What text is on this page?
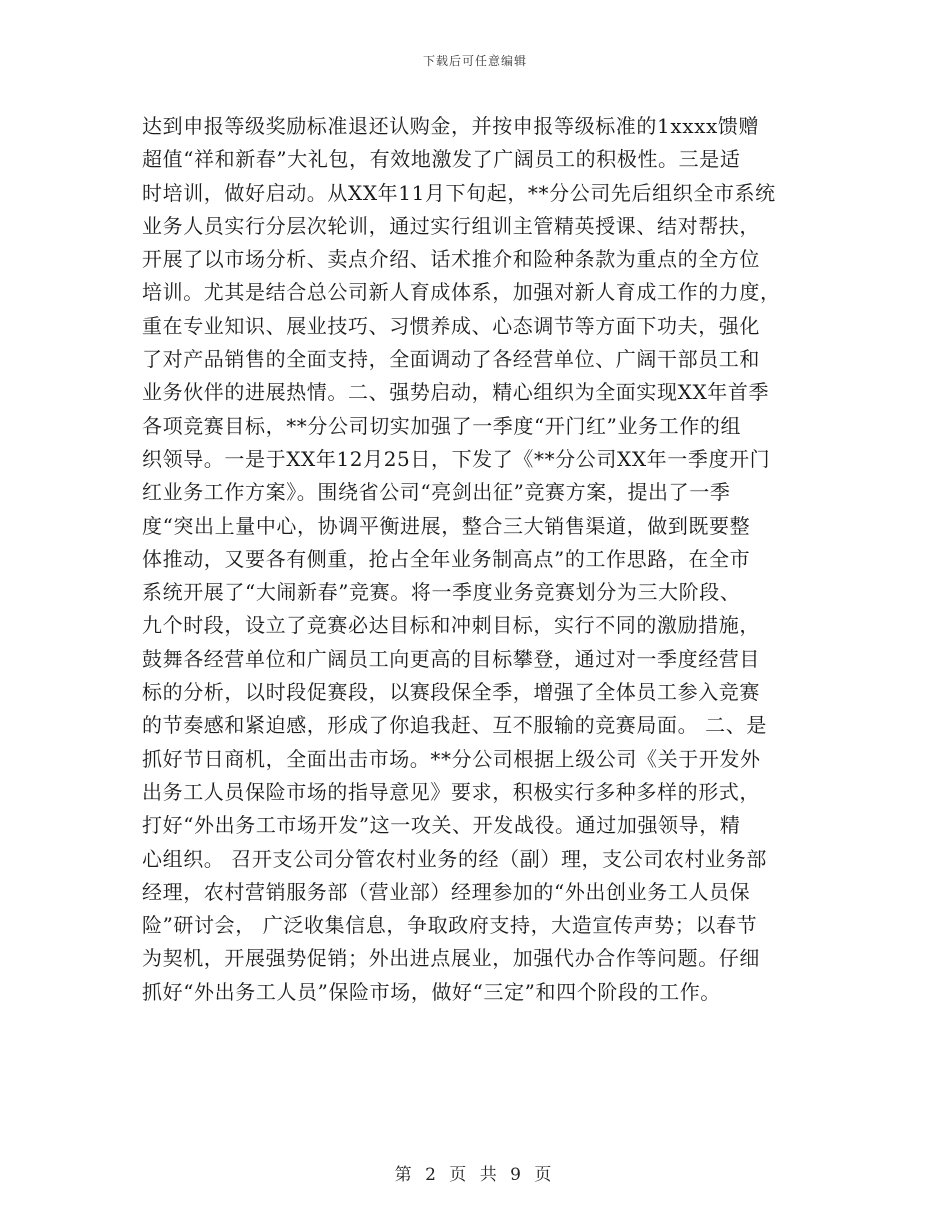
下载后可任意编辑
达到申报等级奖励标准退还认购金，并按申报等级标准的1xxxx馈赠
超值“祥和新春”大礼包，有效地激发了广阔员工的积极性。三是适
时培训，做好启动。从XX年11月下旬起，**分公司先后组织全市系统
业务人员实行分层次轮训，通过实行组训主管精英授课、结对帮扶，
开展了以市场分析、卖点介绍、话术推介和险种条款为重点的全方位
培训。尤其是结合总公司新人育成体系，加强对新人育成工作的力度，
重在专业知识、展业技巧、习惯养成、心态调节等方面下功夫，强化
了对产品销售的全面支持，全面调动了各经营单位、广阔干部员工和
业务伙伴的进展热情。二、强势启动，精心组织为全面实现XX年首季
各项竞赛目标，**分公司切实加强了一季度“开门红”业务工作的组
织领导。一是于XX年12月25日，下发了《**分公司XX年一季度开门
红业务工作方案》。围绕省公司“亮剑出征”竞赛方案，提出了一季
度“突出上量中心，协调平衡进展，整合三大销售渠道，做到既要整
体推动，又要各有侧重，抢占全年业务制高点”的工作思路，在全市
系统开展了“大闹新春”竞赛。将一季度业务竞赛划分为三大阶段、
九个时段，设立了竞赛必达目标和冲刺目标，实行不同的激励措施，
鼓舞各经营单位和广阔员工向更高的目标攀登，通过对一季度经营目
标的分析，以时段促赛段，以赛段保全季，增强了全体员工参入竞赛
的节奏感和紧迫感，形成了你追我赶、互不服输的竞赛局面。 二、是
抓好节日商机，全面出击市场。**分公司根据上级公司《关于开发外
出务工人员保险市场的指导意见》要求，积极实行多种多样的形式，
打好“外出务工市场开发”这一攻关、开发战役。通过加强领导，精
心组织。 召开支公司分管农村业务的经（副）理，支公司农村业务部
经理，农村营销服务部（营业部）经理参加的“外出创业务工人员保
险”研讨会， 广泛收集信息，争取政府支持，大造宣传声势；以春节
为契机，开展强势促销；外出进点展业，加强代办合作等问题。仔细
抓好“外出务工人员”保险市场，做好“三定”和四个阶段的工作。
第 2 页 共 9 页
